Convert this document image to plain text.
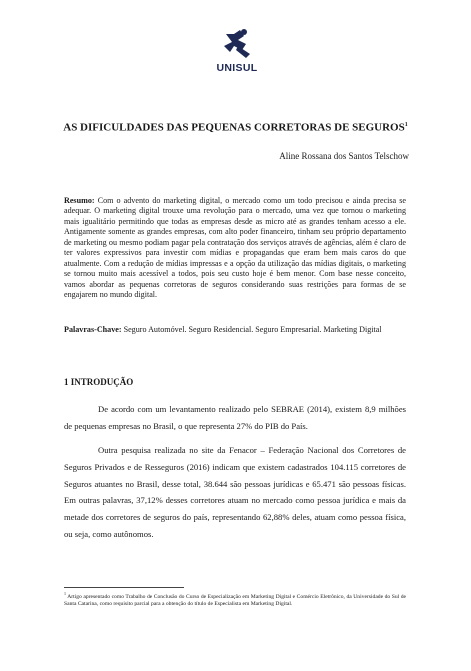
UNISUL
AS DIFICULDADES DAS PEQUENAS CORRETORAS DE SEGUROS$^1$
Aline Rossana dos Santos Telschow
Resumo: Com o advento do marketing digital, o mercado como um todo precisou e ainda precisa se adequar. O marketing digital trouxe uma revolução para o mercado, uma vez que tornou o marketing mais igualitário permitindo que todas as empresas desde as micro até as grandes tenham acesso a ele. Antigamente somente as grandes empresas, com alto poder financeiro, tinham seu próprio departamento de marketing ou mesmo podiam pagar pela contratação dos serviços através de agências, além é claro de ter valores expressivos para investir com mídias e propagandas que eram bem mais caros do que atualmente. Com a redução de mídias impressas e a opção da utilização das mídias digitais, o marketing se tornou muito mais acessível a todos, pois seu custo hoje é bem menor. Com base nesse conceito, vamos abordar as pequenas corretoras de seguros considerando suas restrições para formas de se engajarem no mundo digital.
Palavras-Chave: Seguro Automóvel. Seguro Residencial. Seguro Empresarial. Marketing Digital
1 INTRODUÇÃO
De acordo com um levantamento realizado pelo SEBRAE (2014), existem 8,9 milhões de pequenas empresas no Brasil, o que representa 27% do PIB do País.
Outra pesquisa realizada no site da Fenacor – Federação Nacional dos Corretores de Seguros Privados e de Resseguros (2016) indicam que existem cadastrados 104.115 corretores de Seguros atuantes no Brasil, desse total, 38.644 são pessoas jurídicas e 65.471 são pessoas físicas. Em outras palavras, 37,12% desses corretores atuam no mercado como pessoa jurídica e mais da metade dos corretores de seguros do país, representando 62,88% deles, atuam como pessoa física, ou seja, como autônomos.
$^1$ Artigo apresentado como Trabalho de Conclusão do Curso de Especialização em Marketing Digital e Comércio Eletrônico, da Universidade do Sul de Santa Catarina, como requisito parcial para a obtenção do título de Especialista em Marketing Digital.
